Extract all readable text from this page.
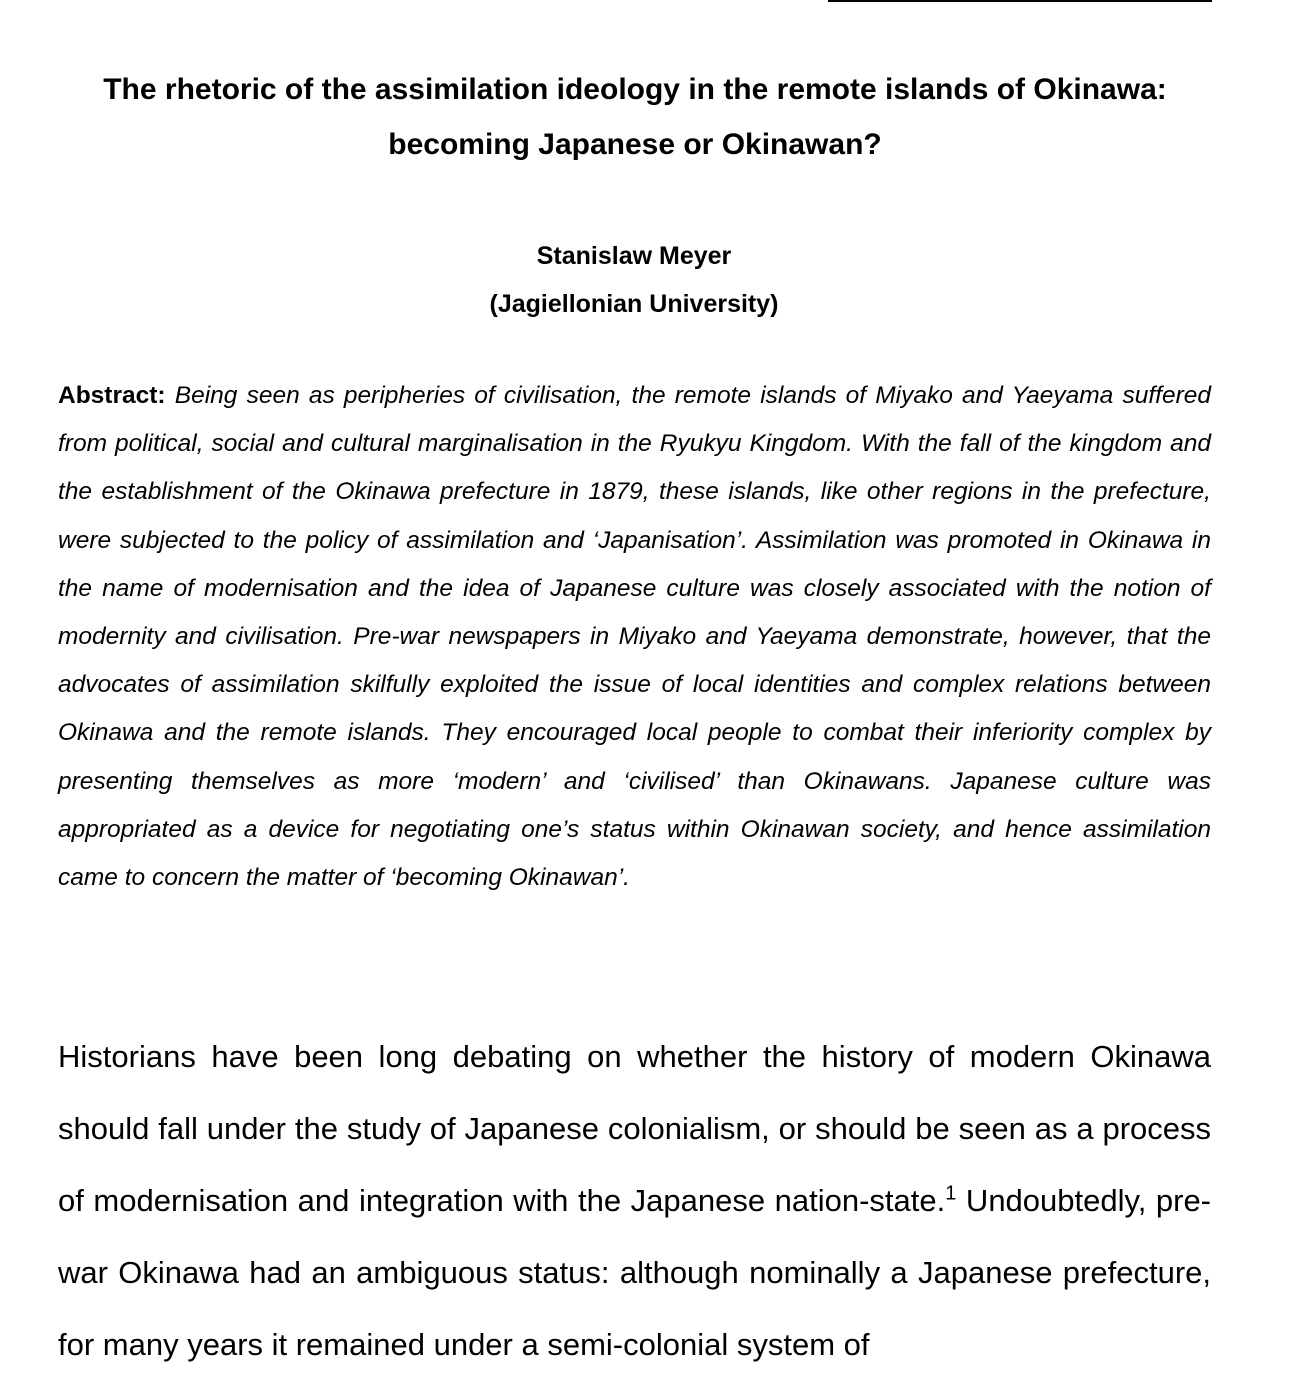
The rhetoric of the assimilation ideology in the remote islands of Okinawa:
becoming Japanese or Okinawan?
Stanislaw Meyer
(Jagiellonian University)

Abstract: Being seen as peripheries of civilisation, the remote islands of Miyako and Yaeyama suffered from political, social and cultural marginalisation in the Ryukyu Kingdom. With the fall of the kingdom and the establishment of the Okinawa prefecture in 1879, these islands, like other regions in the prefecture, were subjected to the policy of assimilation and ‘Japanisation’. Assimilation was promoted in Okinawa in the name of modernisation and the idea of Japanese culture was closely associated with the notion of modernity and civilisation. Pre-war newspapers in Miyako and Yaeyama demonstrate, however, that the advocates of assimilation skilfully exploited the issue of local identities and complex relations between Okinawa and the remote islands. They encouraged local people to combat their inferiority complex by presenting themselves as more ‘modern’ and ‘civilised’ than Okinawans. Japanese culture was appropriated as a device for negotiating one’s status within Okinawan society, and hence assimilation came to concern the matter of ‘becoming Okinawan’.

Historians have been long debating on whether the history of modern Okinawa should fall under the study of Japanese colonialism, or should be seen as a process of modernisation and integration with the Japanese nation-state.$^1$ Undoubtedly, pre-war Okinawa had an ambiguous status: although nominally a Japanese prefecture, for many years it remained under a semi-colonial system of
